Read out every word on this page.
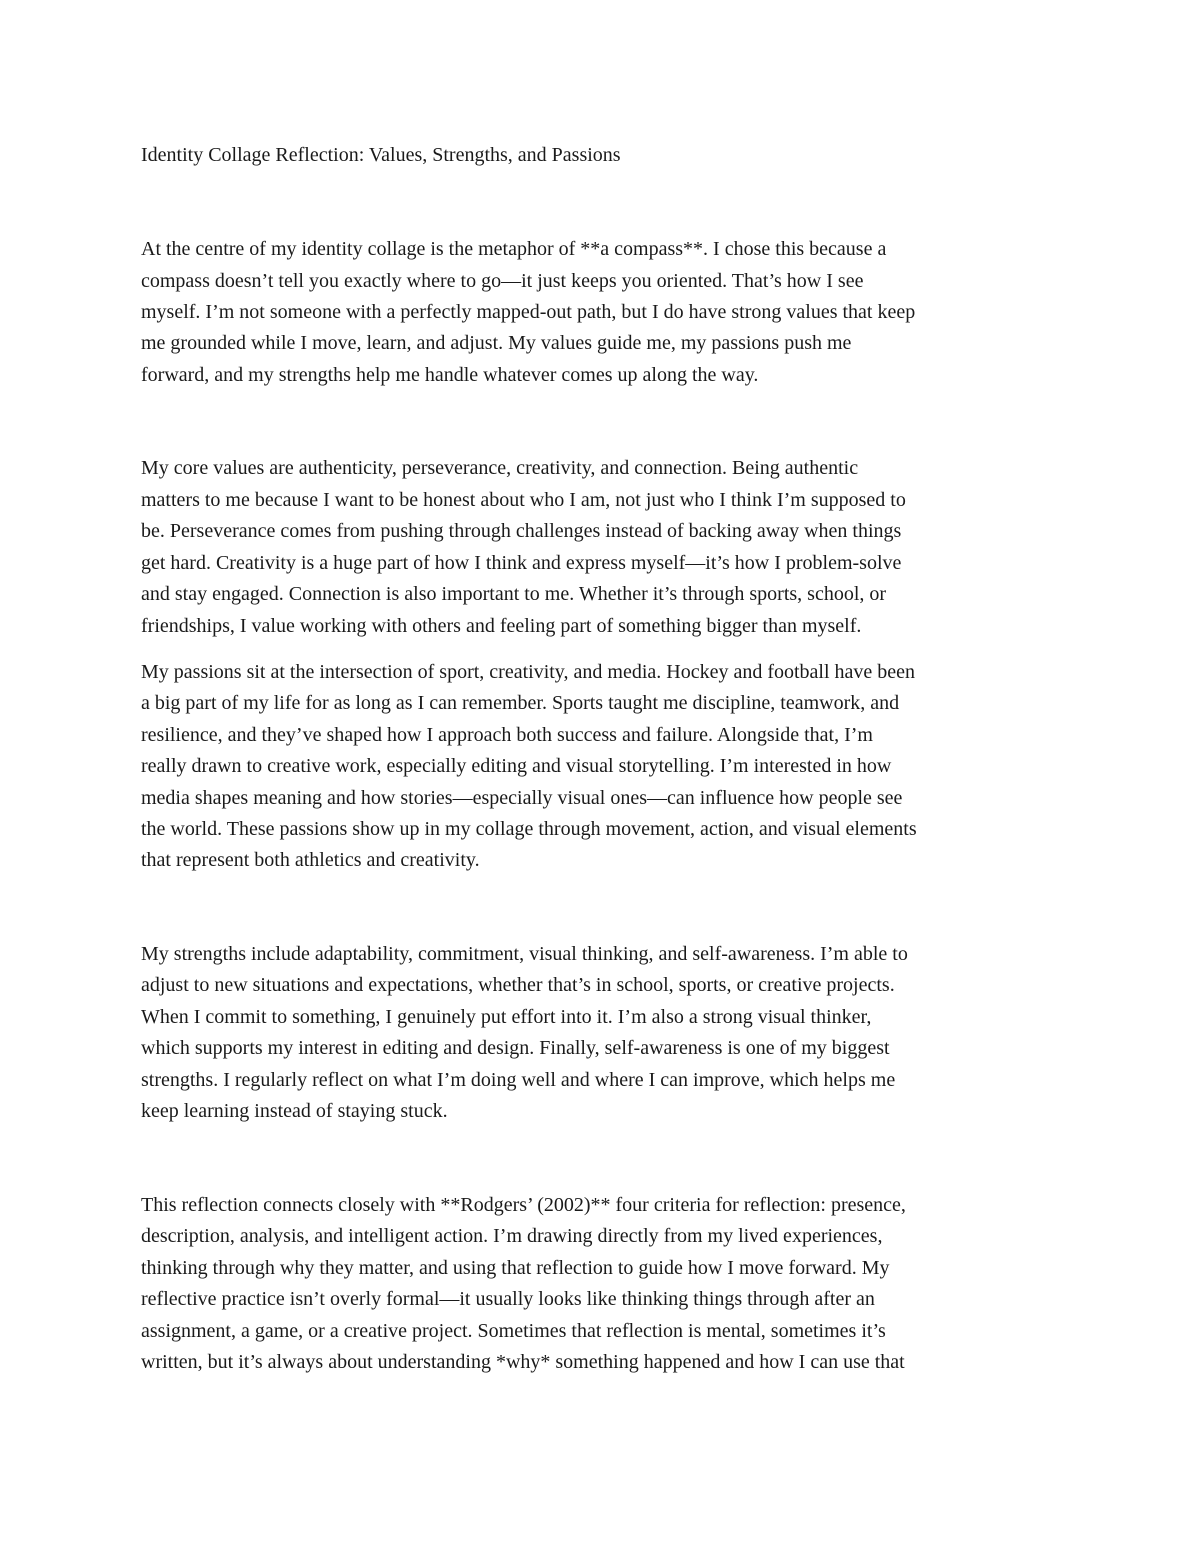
Identity Collage Reflection: Values, Strengths, and Passions
At the centre of my identity collage is the metaphor of **a compass**. I chose this because a
compass doesn’t tell you exactly where to go—it just keeps you oriented. That’s how I see
myself. I’m not someone with a perfectly mapped-out path, but I do have strong values that keep
me grounded while I move, learn, and adjust. My values guide me, my passions push me
forward, and my strengths help me handle whatever comes up along the way.
My core values are authenticity, perseverance, creativity, and connection. Being authentic
matters to me because I want to be honest about who I am, not just who I think I’m supposed to
be. Perseverance comes from pushing through challenges instead of backing away when things
get hard. Creativity is a huge part of how I think and express myself—it’s how I problem-solve
and stay engaged. Connection is also important to me. Whether it’s through sports, school, or
friendships, I value working with others and feeling part of something bigger than myself.
My passions sit at the intersection of sport, creativity, and media. Hockey and football have been
a big part of my life for as long as I can remember. Sports taught me discipline, teamwork, and
resilience, and they’ve shaped how I approach both success and failure. Alongside that, I’m
really drawn to creative work, especially editing and visual storytelling. I’m interested in how
media shapes meaning and how stories—especially visual ones—can influence how people see
the world. These passions show up in my collage through movement, action, and visual elements
that represent both athletics and creativity.
My strengths include adaptability, commitment, visual thinking, and self-awareness. I’m able to
adjust to new situations and expectations, whether that’s in school, sports, or creative projects.
When I commit to something, I genuinely put effort into it. I’m also a strong visual thinker,
which supports my interest in editing and design. Finally, self-awareness is one of my biggest
strengths. I regularly reflect on what I’m doing well and where I can improve, which helps me
keep learning instead of staying stuck.
This reflection connects closely with **Rodgers’ (2002)** four criteria for reflection: presence,
description, analysis, and intelligent action. I’m drawing directly from my lived experiences,
thinking through why they matter, and using that reflection to guide how I move forward. My
reflective practice isn’t overly formal—it usually looks like thinking things through after an
assignment, a game, or a creative project. Sometimes that reflection is mental, sometimes it’s
written, but it’s always about understanding *why* something happened and how I can use that
